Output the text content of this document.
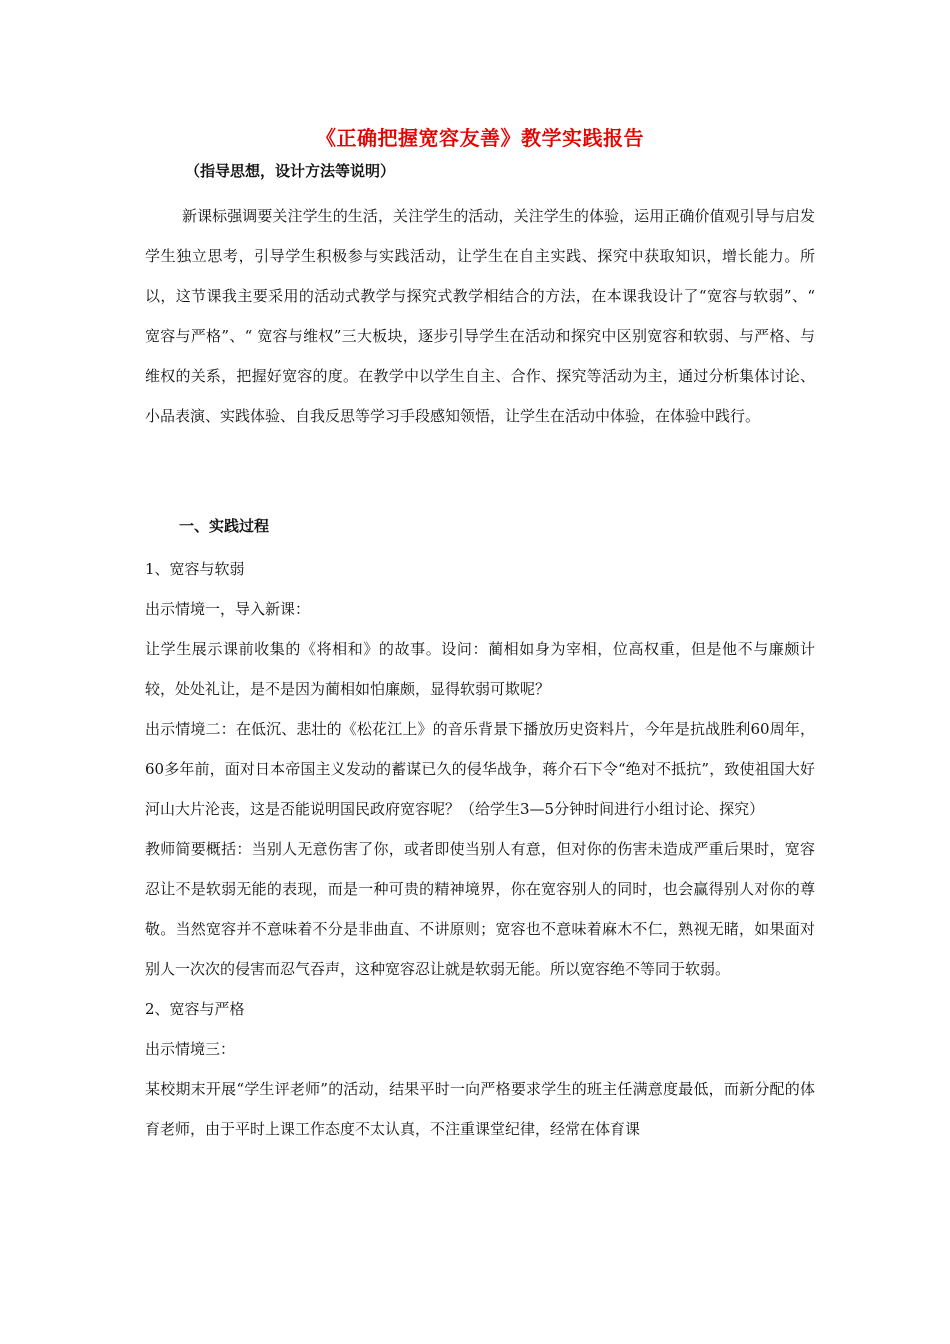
《正确把握宽容友善》教学实践报告
（指导思想，设计方法等说明）

新课标强调要关注学生的生活，关注学生的活动，关注学生的体验，运用正确价值观引导与启发学生独立思考，引导学生积极参与实践活动，让学生在自主实践、探究中获取知识，增长能力。所以，这节课我主要采用的活动式教学与探究式教学相结合的方法，在本课我设计了“宽容与软弱”、“ 宽容与严格”、“ 宽容与维权”三大板块，逐步引导学生在活动和探究中区别宽容和软弱、与严格、与维权的关系，把握好宽容的度。在教学中以学生自主、合作、探究等活动为主，通过分析集体讨论、小品表演、实践体验、自我反思等学习手段感知领悟，让学生在活动中体验，在体验中践行。

一、实践过程

1、宽容与软弱

出示情境一，导入新课：

让学生展示课前收集的《将相和》的故事。设问：蔺相如身为宰相，位高权重，但是他不与廉颇计较，处处礼让，是不是因为蔺相如怕廉颇，显得软弱可欺呢？

出示情境二：在低沉、悲壮的《松花江上》的音乐背景下播放历史资料片，今年是抗战胜利60周年，60多年前，面对日本帝国主义发动的蓄谋已久的侵华战争，蒋介石下令“绝对不抵抗”，致使祖国大好河山大片沦丧，这是否能说明国民政府宽容呢？（给学生3—5分钟时间进行小组讨论、探究）

教师简要概括：当别人无意伤害了你，或者即使当别人有意，但对你的伤害未造成严重后果时，宽容忍让不是软弱无能的表现，而是一种可贵的精神境界，你在宽容别人的同时，也会赢得别人对你的尊敬。当然宽容并不意味着不分是非曲直、不讲原则；宽容也不意味着麻木不仁，熟视无睹，如果面对别人一次次的侵害而忍气吞声，这种宽容忍让就是软弱无能。所以宽容绝不等同于软弱。

2、宽容与严格

出示情境三：

某校期末开展“学生评老师”的活动，结果平时一向严格要求学生的班主任满意度最低，而新分配的体育老师，由于平时上课工作态度不太认真，不注重课堂纪律，经常在体育课
